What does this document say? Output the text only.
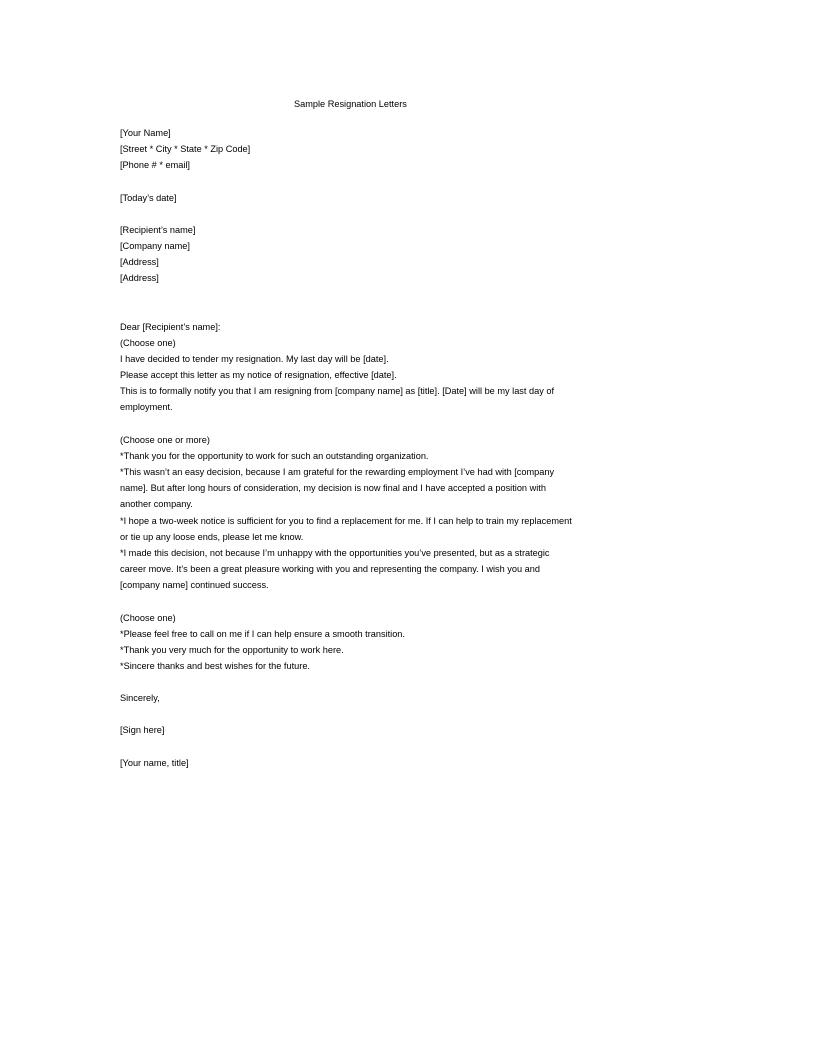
Sample Resignation Letters
[Your Name]
[Street * City * State * Zip Code]
[Phone # * email]
[Today’s date]
[Recipient’s name]
[Company name]
[Address]
[Address]
Dear [Recipient’s name]:
(Choose one)
I have decided to tender my resignation. My last day will be [date].
Please accept this letter as my notice of resignation, effective [date].
This is to formally notify you that I am resigning from [company name] as [title]. [Date] will be my last day of
employment.
(Choose one or more)
*Thank you for the opportunity to work for such an outstanding organization.
*This wasn’t an easy decision, because I am grateful for the rewarding employment I’ve had with [company
name]. But after long hours of consideration, my decision is now final and I have accepted a position with
another company.
*I hope a two-week notice is sufficient for you to find a replacement for me. If I can help to train my replacement
or tie up any loose ends, please let me know.
*I made this decision, not because I’m unhappy with the opportunities you’ve presented, but as a strategic
career move. It’s been a great pleasure working with you and representing the company. I wish you and
[company name] continued success.
(Choose one)
*Please feel free to call on me if I can help ensure a smooth transition.
*Thank you very much for the opportunity to work here.
*Sincere thanks and best wishes for the future.
Sincerely,
[Sign here]
[Your name, title]
